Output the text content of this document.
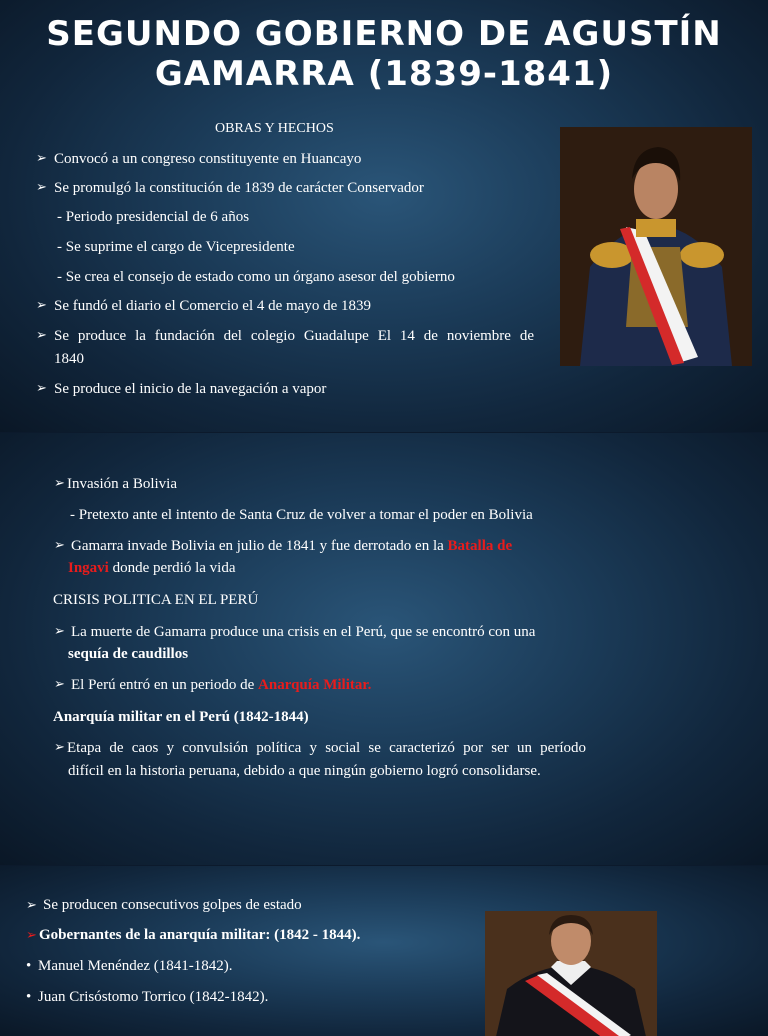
SEGUNDO GOBIERNO DE AGUSTÍN
GAMARRA (1839-1841)
OBRAS Y HECHOS
➢ Convocó a un congreso constituyente en Huancayo
➢ Se promulgó la constitución de 1839 de carácter Conservador
- Periodo presidencial de 6 años
- Se suprime el cargo de Vicepresidente
- Se crea el consejo de estado como un órgano asesor del gobierno
➢ Se fundó el diario el Comercio el 4 de mayo de 1839
➢ Se produce la fundación del colegio Guadalupe El 14 de noviembre de
1840
➢ Se produce el inicio de la navegación a vapor
➢ Invasión a Bolivia
- Pretexto ante el intento de Santa Cruz de volver a tomar el poder en Bolivia
➢ Gamarra invade Bolivia en julio de 1841 y fue derrotado en la Batalla de
Ingavi donde perdió la vida
CRISIS POLITICA EN EL PERÚ
➢ La muerte de Gamarra produce una crisis en el Perú, que se encontró con una
sequía de caudillos
➢ El Perú entró en un periodo de Anarquía Militar.
Anarquía militar en el Perú (1842-1844)
➢ Etapa de caos y convulsión política y social se caracterizó por ser un período
difícil en la historia peruana, debido a que ningún gobierno logró consolidarse.
➢ Se producen consecutivos golpes de estado
➢ Gobernantes de la anarquía militar: (1842 - 1844).
• Manuel Menéndez (1841-1842).
• Juan Crisóstomo Torrico (1842-1842).
